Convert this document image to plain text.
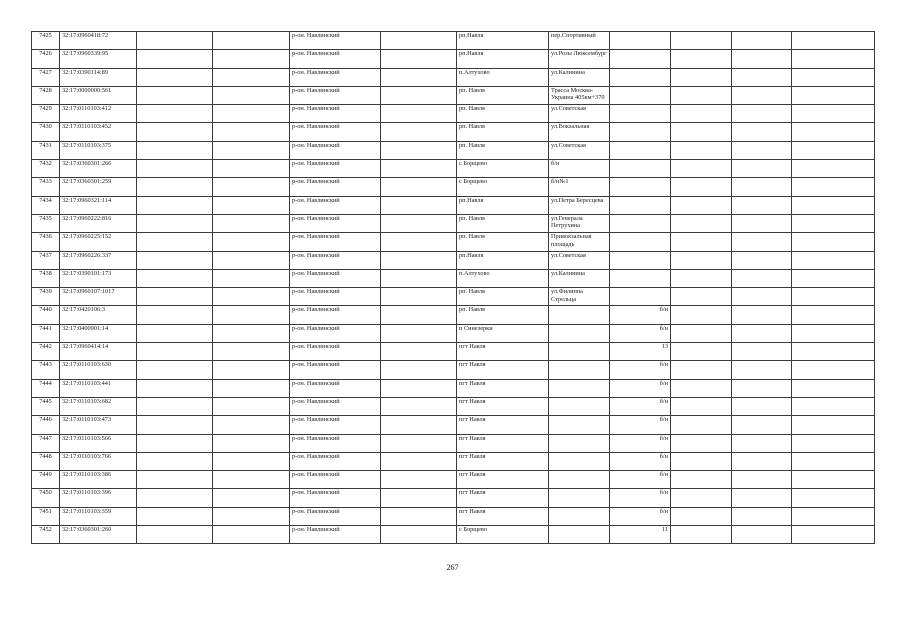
7425	32:17:0960418:72			р-он. Навлинский		рп.Навля	пер.Спортивный				
7426	32:17:0960339:95			р-он. Навлинский		рп.Навля	ул.Розы Люксембург				
7427	32:17:0390114:89			р-он. Навлинский		п.Алтухово	ул.Калинина				
7428	32:17:0000000:561			р-он. Навлинский		рп. Навля	Трасса Москва-Украина 405км+370				
7429	32:17:0110103:412			р-он. Навлинский		рп. Навля	ул.Советская				
7430	32:17:0110103:452			р-он. Навлинский		рп. Навля	ул.Вокзальная				
7431	32:17:0110103:375			р-он. Навлинский		рп. Навля	ул.Советская				
7432	32:17:0360301:266			р-он. Навлинский		с Борщево	б/н				
7433	32:17:0360301:259			р-он. Навлинский		с Борщево	б/н№1				
7434	32:17:0960321:114			р-он. Навлинский		рп.Навля	ул.Петра Бересцева				
7435	32:17:0960222:816			р-он. Навлинский		рп. Навля	ул.Генерала Петрухина				
7436	32:17:0960225:152			р-он. Навлинский		рп. Навля	Привокзальная площадь				
7437	32:17:0960226:337			р-он. Навлинский		рп.Навля	ул.Советская				
7438	32:17:0390101:173			р-он. Навлинский		п.Алтухово	ул.Калинина				
7439	32:17:0960107:1017			р-он. Навлинский		рп. Навля	ул.Филиппа Стрельца				
7440	32:17:0420106:3			р-он. Навлинский		рп. Навля		б/н			
7441	32:17:0400901:14			р-он. Навлинский		п Синезерки		б/н			
7442	32:17:0960414:14			р-он. Навлинский		пгт Навля		13			
7443	32:17:0110103:630			р-он. Навлинский		пгт Навля		б/н			
7444	32:17:0110103:441			р-он. Навлинский		пгт Навля		б/н			
7445	32:17:0110103:682			р-он. Навлинский		пгт Навля		б/н			
7446	32:17:0110103:473			р-он. Навлинский		пгт Навля		б/н			
7447	32:17:0110103:566			р-он. Навлинский		пгт Навля		б/н			
7448	32:17:0110103:766			р-он. Навлинский		пгт Навля		б/н			
7449	32:17:0110103:386			р-он. Навлинский		пгт Навля		б/н			
7450	32:17:0110103:396			р-он. Навлинский		пгт Навля		б/н			
7451	32:17:0110103:359			р-он. Навлинский		пгт Навля		б/н			
7452	32:17:0360301:260			р-он. Навлинский		с Борщево		11			
267
